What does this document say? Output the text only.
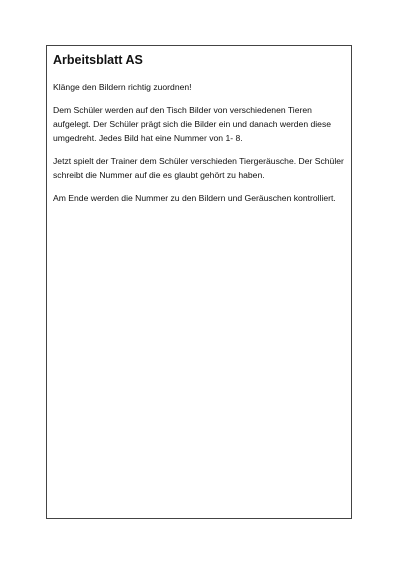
Arbeitsblatt AS

Klänge den Bildern richtig zuordnen!

Dem Schüler werden auf den Tisch Bilder von verschiedenen Tieren aufgelegt. Der Schüler prägt sich die Bilder ein und danach werden diese umgedreht. Jedes Bild hat eine Nummer von 1- 8.

Jetzt spielt der Trainer dem Schüler verschieden Tiergeräusche. Der Schüler schreibt die Nummer auf die es glaubt gehört zu haben.

Am Ende werden die Nummer zu den Bildern und Geräuschen kontrolliert.
